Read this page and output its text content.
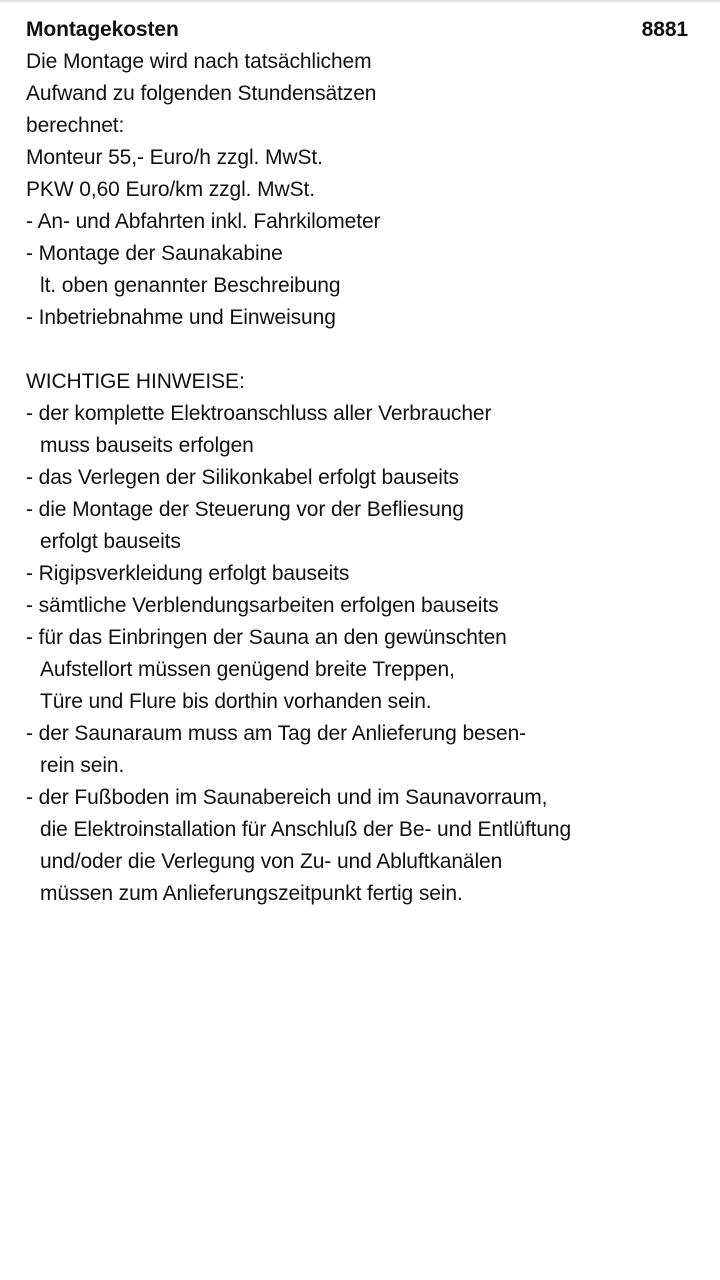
Montagekosten	8881
Die Montage wird nach tatsächlichem
Aufwand zu folgenden Stundensätzen
berechnet:
Monteur 55,- Euro/h zzgl. MwSt.
PKW 0,60 Euro/km zzgl. MwSt.
- An- und Abfahrten inkl. Fahrkilometer
- Montage der Saunakabine
lt. oben genannter Beschreibung
- Inbetriebnahme und Einweisung
WICHTIGE HINWEISE:
- der komplette Elektroanschluss aller Verbraucher
muss bauseits erfolgen
- das Verlegen der Silikonkabel erfolgt bauseits
- die Montage der Steuerung vor der Befliesung
erfolgt bauseits
- Rigipsverkleidung erfolgt bauseits
- sämtliche Verblendungsarbeiten erfolgen bauseits
- für das Einbringen der Sauna an den gewünschten
Aufstellort müssen genügend breite Treppen,
Türe und Flure bis dorthin vorhanden sein.
- der Saunaraum muss am Tag der Anlieferung besen-
rein sein.
- der Fußboden im Saunabereich und im Saunavorraum,
die Elektroinstallation für Anschluß der Be- und Entlüftung
und/oder die Verlegung von Zu- und Abluftkanälen
müssen zum Anlieferungszeitpunkt fertig sein.
